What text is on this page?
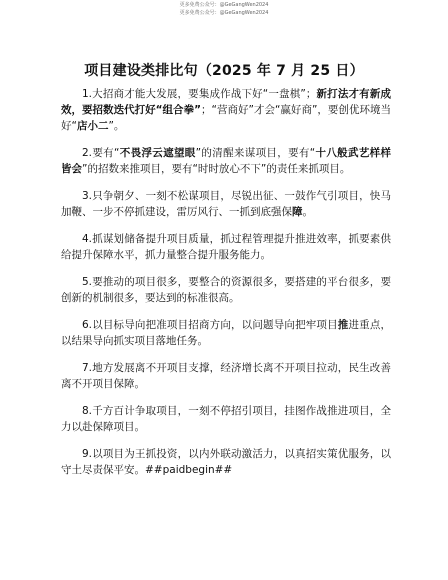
更多免费公众号：@GeGangWen2024
更多免费公众号：@GeGangWen2024
项目建设类排比句（2025 年 7 月 25 日）

1.大招商才能大发展，要集成作战下好“一盘棋”；新打法才有新成效，要招数迭代打好“组合拳”；“营商好”才会“赢好商”，要创优环境当好“店小二”。

2.要有“不畏浮云遮望眼”的清醒来谋项目，要有“十八般武艺样样皆会”的招数来推项目，要有“时时放心不下”的责任来抓项目。

3.只争朝夕、一刻不松谋项目，尽锐出征、一鼓作气引项目，快马加鞭、一步不停抓建设，雷厉风行、一抓到底强保障。

4.抓谋划储备提升项目质量，抓过程管理提升推进效率，抓要素供给提升保障水平，抓力量整合提升服务能力。

5.要推动的项目很多，要整合的资源很多，要搭建的平台很多，要创新的机制很多，要达到的标准很高。

6.以目标导向把准项目招商方向，以问题导向把牢项目推进重点，以结果导向抓实项目落地任务。

7.地方发展离不开项目支撑，经济增长离不开项目拉动，民生改善离不开项目保障。

8.千方百计争取项目，一刻不停招引项目，挂图作战推进项目，全力以赴保障项目。

9.以项目为王抓投资，以内外联动激活力，以真招实策优服务，以守土尽责保平安。##paidbegin##
